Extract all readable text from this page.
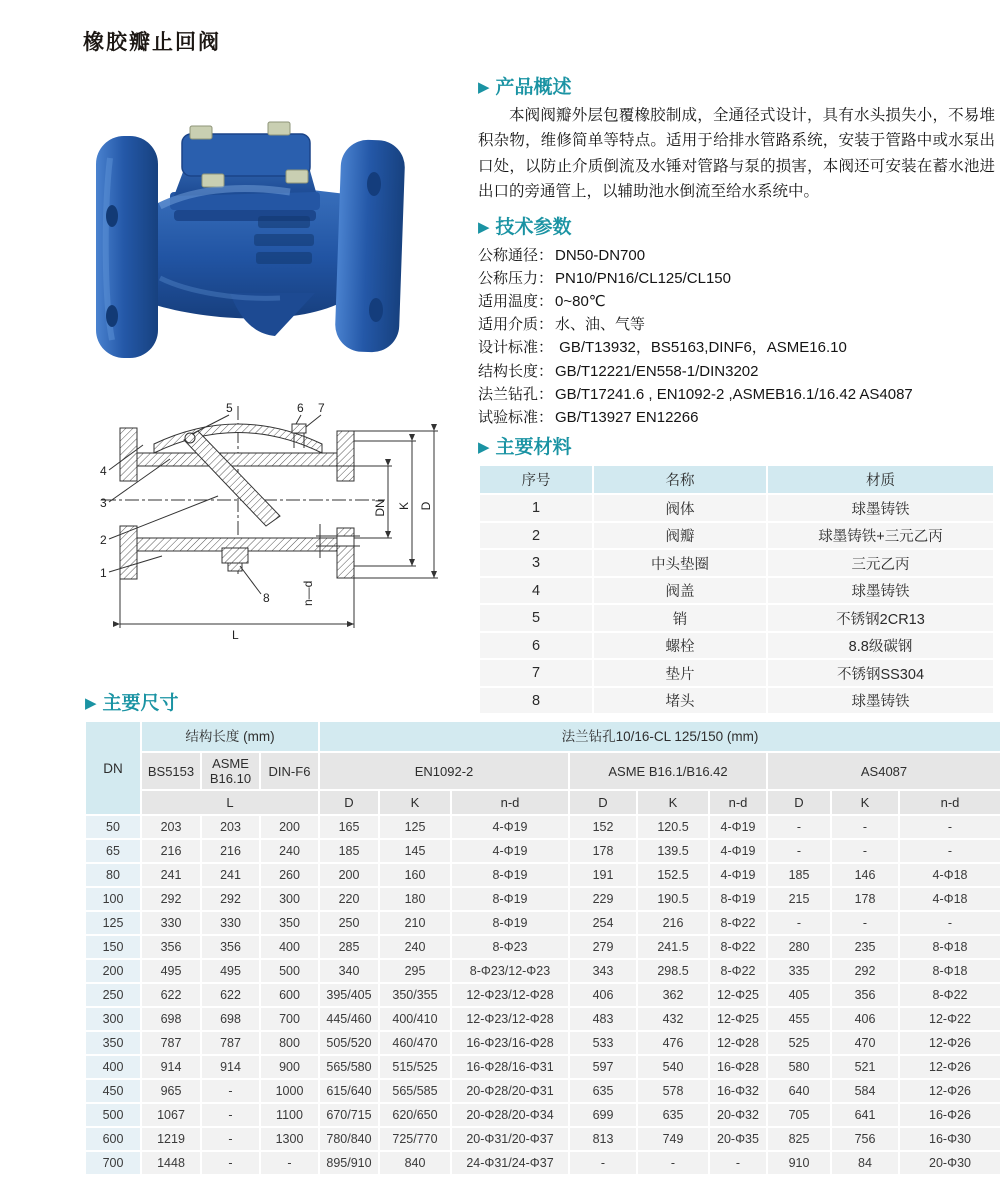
橡胶瓣止回阀
5	6 7
4
3
2
1
8
L
DN K D
n—d
▶ 产品概述

本阀阀瓣外层包覆橡胶制成，全通径式设计，具有水头损失小，不易堆积杂物，维修简单等特点。适用于给排水管路系统，安装于管路中或水泵出口处，以防止介质倒流及水锤对管路与泵的损害，本阀还可安装在蓄水池进出口的旁通管上，以辅助池水倒流至给水系统中。

▶ 技术参数
公称通径： DN50-DN700
公称压力： PN10/PN16/CL125/CL150
适用温度： 0~80℃
适用介质： 水、油、气等
设计标准： GB/T13932，BS5163,DINF6，ASME16.10
结构长度： GB/T12221/EN558-1/DIN3202
法兰钻孔： GB/T17241.6 , EN1092-2 ,ASMEB16.1/16.42 AS4087
试验标准： GB/T13927 EN12266
▶ 主要材料
序号	名称	材质
1	阀体	球墨铸铁
2	阀瓣	球墨铸铁+三元乙丙
3	中头垫圈	三元乙丙
4	阀盖	球墨铸铁
5	销	不锈钢2CR13
6	螺栓	8.8级碳钢
7	垫片	不锈钢SS304
8	堵头	球墨铸铁
▶ 主要尺寸
DN	结构长度 (mm)			法兰钻孔10/16-CL 125/150 (mm)								
	BS5153	ASME B16.10	DIN-F6	EN1092-2			ASME B16.1/B16.42			AS4087		
	L			D	K	n-d	D	K	n-d	D	K	n-d
50	203	203	200	165	125	4-Φ19	152	120.5	4-Φ19	-	-	-
65	216	216	240	185	145	4-Φ19	178	139.5	4-Φ19	-	-	-
80	241	241	260	200	160	8-Φ19	191	152.5	4-Φ19	185	146	4-Φ18
100	292	292	300	220	180	8-Φ19	229	190.5	8-Φ19	215	178	4-Φ18
125	330	330	350	250	210	8-Φ19	254	216	8-Φ22	-	-	-
150	356	356	400	285	240	8-Φ23	279	241.5	8-Φ22	280	235	8-Φ18
200	495	495	500	340	295	8-Φ23/12-Φ23	343	298.5	8-Φ22	335	292	8-Φ18
250	622	622	600	395/405	350/355	12-Φ23/12-Φ28	406	362	12-Φ25	405	356	8-Φ22
300	698	698	700	445/460	400/410	12-Φ23/12-Φ28	483	432	12-Φ25	455	406	12-Φ22
350	787	787	800	505/520	460/470	16-Φ23/16-Φ28	533	476	12-Φ28	525	470	12-Φ26
400	914	914	900	565/580	515/525	16-Φ28/16-Φ31	597	540	16-Φ28	580	521	12-Φ26
450	965	-	1000	615/640	565/585	20-Φ28/20-Φ31	635	578	16-Φ32	640	584	12-Φ26
500	1067	-	1100	670/715	620/650	20-Φ28/20-Φ34	699	635	20-Φ32	705	641	16-Φ26
600	1219	-	1300	780/840	725/770	20-Φ31/20-Φ37	813	749	20-Φ35	825	756	16-Φ30
700	1448	-	-	895/910	840	24-Φ31/24-Φ37	-	-	-	910	84	20-Φ30
